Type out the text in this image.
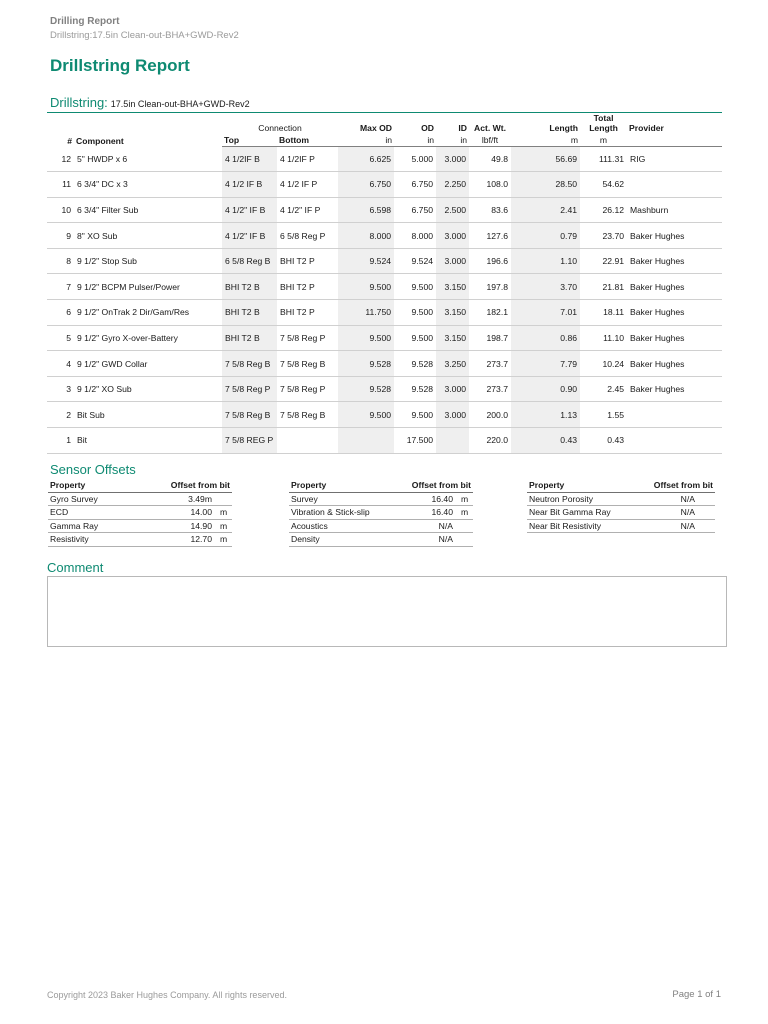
Drilling Report
Drillstring:17.5in Clean-out-BHA+GWD-Rev2
Drillstring Report
Drillstring: 17.5in Clean-out-BHA+GWD-Rev2
#	Component	Connection		Max OD	OD	ID	Act. Wt.	Length	Total Length	Provider
		Top	Bottom	in	in	in	lbf/ft	m	m	
12	5" HWDP x 6	4 1/2IF B	4 1/2IF P	6.625	5.000	3.000	49.8	56.69	111.31	RIG
11	6 3/4" DC x 3	4 1/2 IF B	4 1/2 IF P	6.750	6.750	2.250	108.0	28.50	54.62	
10	6 3/4" Filter Sub	4 1/2" IF B	4 1/2" IF P	6.598	6.750	2.500	83.6	2.41	26.12	Mashburn
9	8" XO Sub	4 1/2" IF B	6 5/8 Reg P	8.000	8.000	3.000	127.6	0.79	23.70	Baker Hughes
8	9 1/2" Stop Sub	6 5/8 Reg B	BHI T2 P	9.524	9.524	3.000	196.6	1.10	22.91	Baker Hughes
7	9 1/2" BCPM Pulser/Power	BHI T2 B	BHI T2 P	9.500	9.500	3.150	197.8	3.70	21.81	Baker Hughes
6	9 1/2" OnTrak 2 Dir/Gam/Res	BHI T2 B	BHI T2 P	11.750	9.500	3.150	182.1	7.01	18.11	Baker Hughes
5	9 1/2" Gyro X-over-Battery	BHI T2 B	7 5/8 Reg P	9.500	9.500	3.150	198.7	0.86	11.10	Baker Hughes
4	9 1/2" GWD Collar	7 5/8 Reg B	7 5/8 Reg B	9.528	9.528	3.250	273.7	7.79	10.24	Baker Hughes
3	9 1/2" XO Sub	7 5/8 Reg P	7 5/8 Reg P	9.528	9.528	3.000	273.7	0.90	2.45	Baker Hughes
2	Bit Sub	7 5/8 Reg B	7 5/8 Reg B	9.500	9.500	3.000	200.0	1.13	1.55	
1	Bit	7 5/8 REG P			17.500		220.0	0.43	0.43	
Sensor Offsets
Property	Offset from bit	
Gyro Survey	3.49m	
ECD	14.00	m
Gamma Ray	14.90	m
Resistivity	12.70	m
Property	Offset from bit	
Survey	16.40	m
Vibration & Stick-slip	16.40	m
Acoustics	N/A	
Density	N/A	
Property	Offset from bit	
Neutron Porosity	N/A	
Near Bit Gamma Ray	N/A	
Near Bit Resistivity	N/A	
Comment
Copyright 2023 Baker Hughes Company. All rights reserved.	Page 1 of 1
